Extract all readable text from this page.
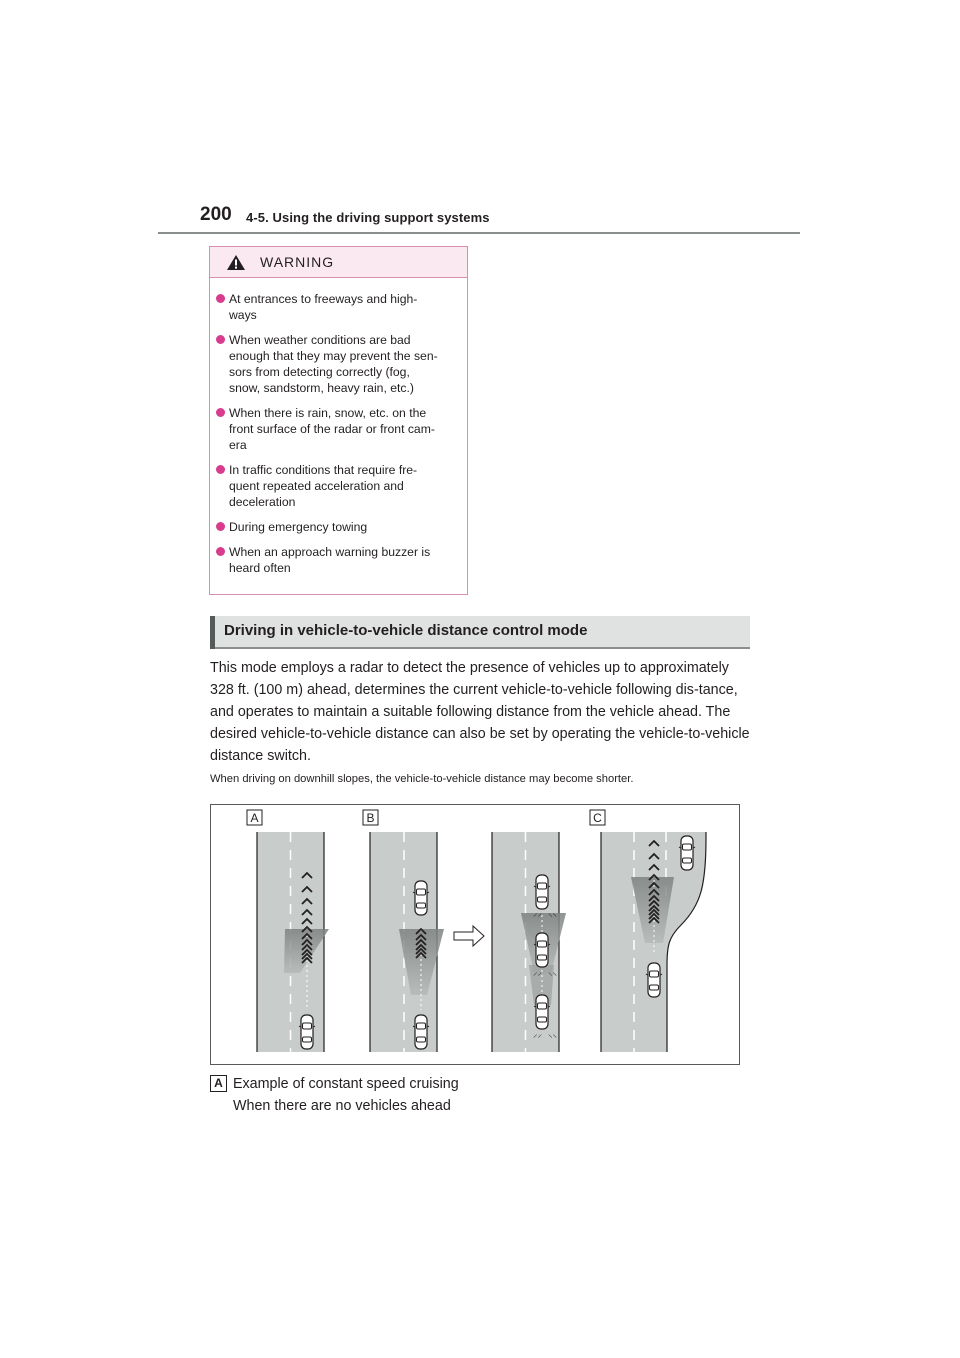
200 4-5. Using the driving support systems
WARNING
At entrances to freeways and high-
ways
When weather conditions are bad
enough that they may prevent the sen-
sors from detecting correctly (fog,
snow, sandstorm, heavy rain, etc.)
When there is rain, snow, etc. on the
front surface of the radar or front cam-
era
In traffic conditions that require fre-
quent repeated acceleration and
deceleration
During emergency towing
When an approach warning buzzer is
heard often
Driving in vehicle-to-vehicle distance control mode
This mode employs a radar to detect the presence of vehicles up to approximately 328 ft. (100 m) ahead, determines the current vehicle-to-vehicle following dis-tance, and operates to maintain a suitable following distance from the vehicle ahead. The desired vehicle-to-vehicle distance can also be set by operating the vehicle-to-vehicle distance switch.
When driving on downhill slopes, the vehicle-to-vehicle distance may become shorter.
A	B	C
⸝⸝ ⸜⸜
⸝⸝ ⸜⸜
⸝⸝ ⸜⸜
A Example of constant speed cruising
When there are no vehicles ahead
